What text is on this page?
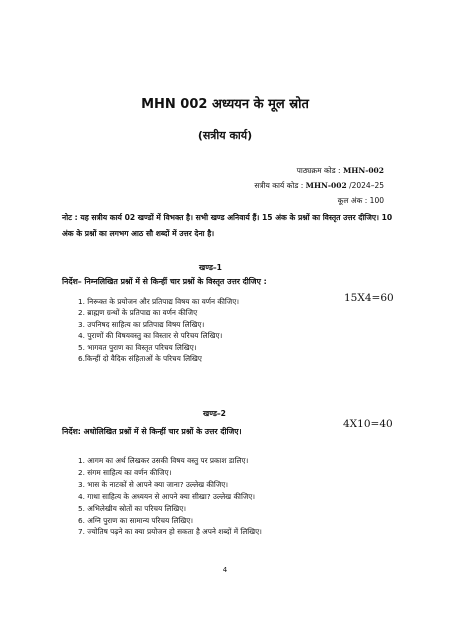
MHN 002 अध्ययन के मूल स्रोत
(सत्रीय कार्य)
पाठ्यक्रम कोड : MHN-002
सत्रीय कार्य कोड : MHN-002 /2024–25
कूल अंक : 100
नोट : यह सत्रीय कार्य 02 खण्डों में विभक्त है। सभी खण्ड अनिवार्य हैं। 15 अंक के प्रश्नों का विस्तृत उत्तर दीजिए। 10 अंक के प्रश्नों का लगभग आठ सौ शब्दों में उत्तर देना है।
खण्ड–1
निर्देश– निम्नलिखित प्रश्नों में से किन्हीं चार प्रश्नों के विस्तृत उत्तर दीजिए :
15X4=60
1. निरूक्त के प्रयोजन और प्रतिपाद्य विषय का वर्णन कीजिए।
2. ब्राह्मण ग्रन्थों के प्रतिपाद्य का वर्णन कीजिए
3. उपनिषद साहित्य का प्रतिपाद्य विषय लिखिए।
4. पुराणों की विषयवस्तु का विस्तार से परिचय लिखिए।
5. भागवत पुराण का विस्तृत परिचय लिखिए।
6.किन्हीं दो वैदिक संहिताओं के परिचय लिखिए
खण्ड–2
4X10=40
निर्देश: अधोलिखित प्रश्नों में से किन्हीं चार प्रश्नों के उत्तर दीजिए।
1. आगम का अर्थ लिखकर उसकी विषय वस्तु पर प्रकाश डालिए।
2. संगम साहित्य का वर्णन कीजिए।
3. भास के नाटकों से आपने क्या जाना? उल्लेख कीजिए।
4. गाथा साहित्य के अध्ययन से आपने क्या सीखा? उल्लेख कीजिए।
5. अभिलेखीय स्रोतों का परिचय लिखिए।
6. अग्नि पुराण का सामान्य परिचय लिखिए।
7. ज्योतिष पढ़ने का क्या प्रयोजन हो सकता है अपने शब्दों में लिखिए।
4
